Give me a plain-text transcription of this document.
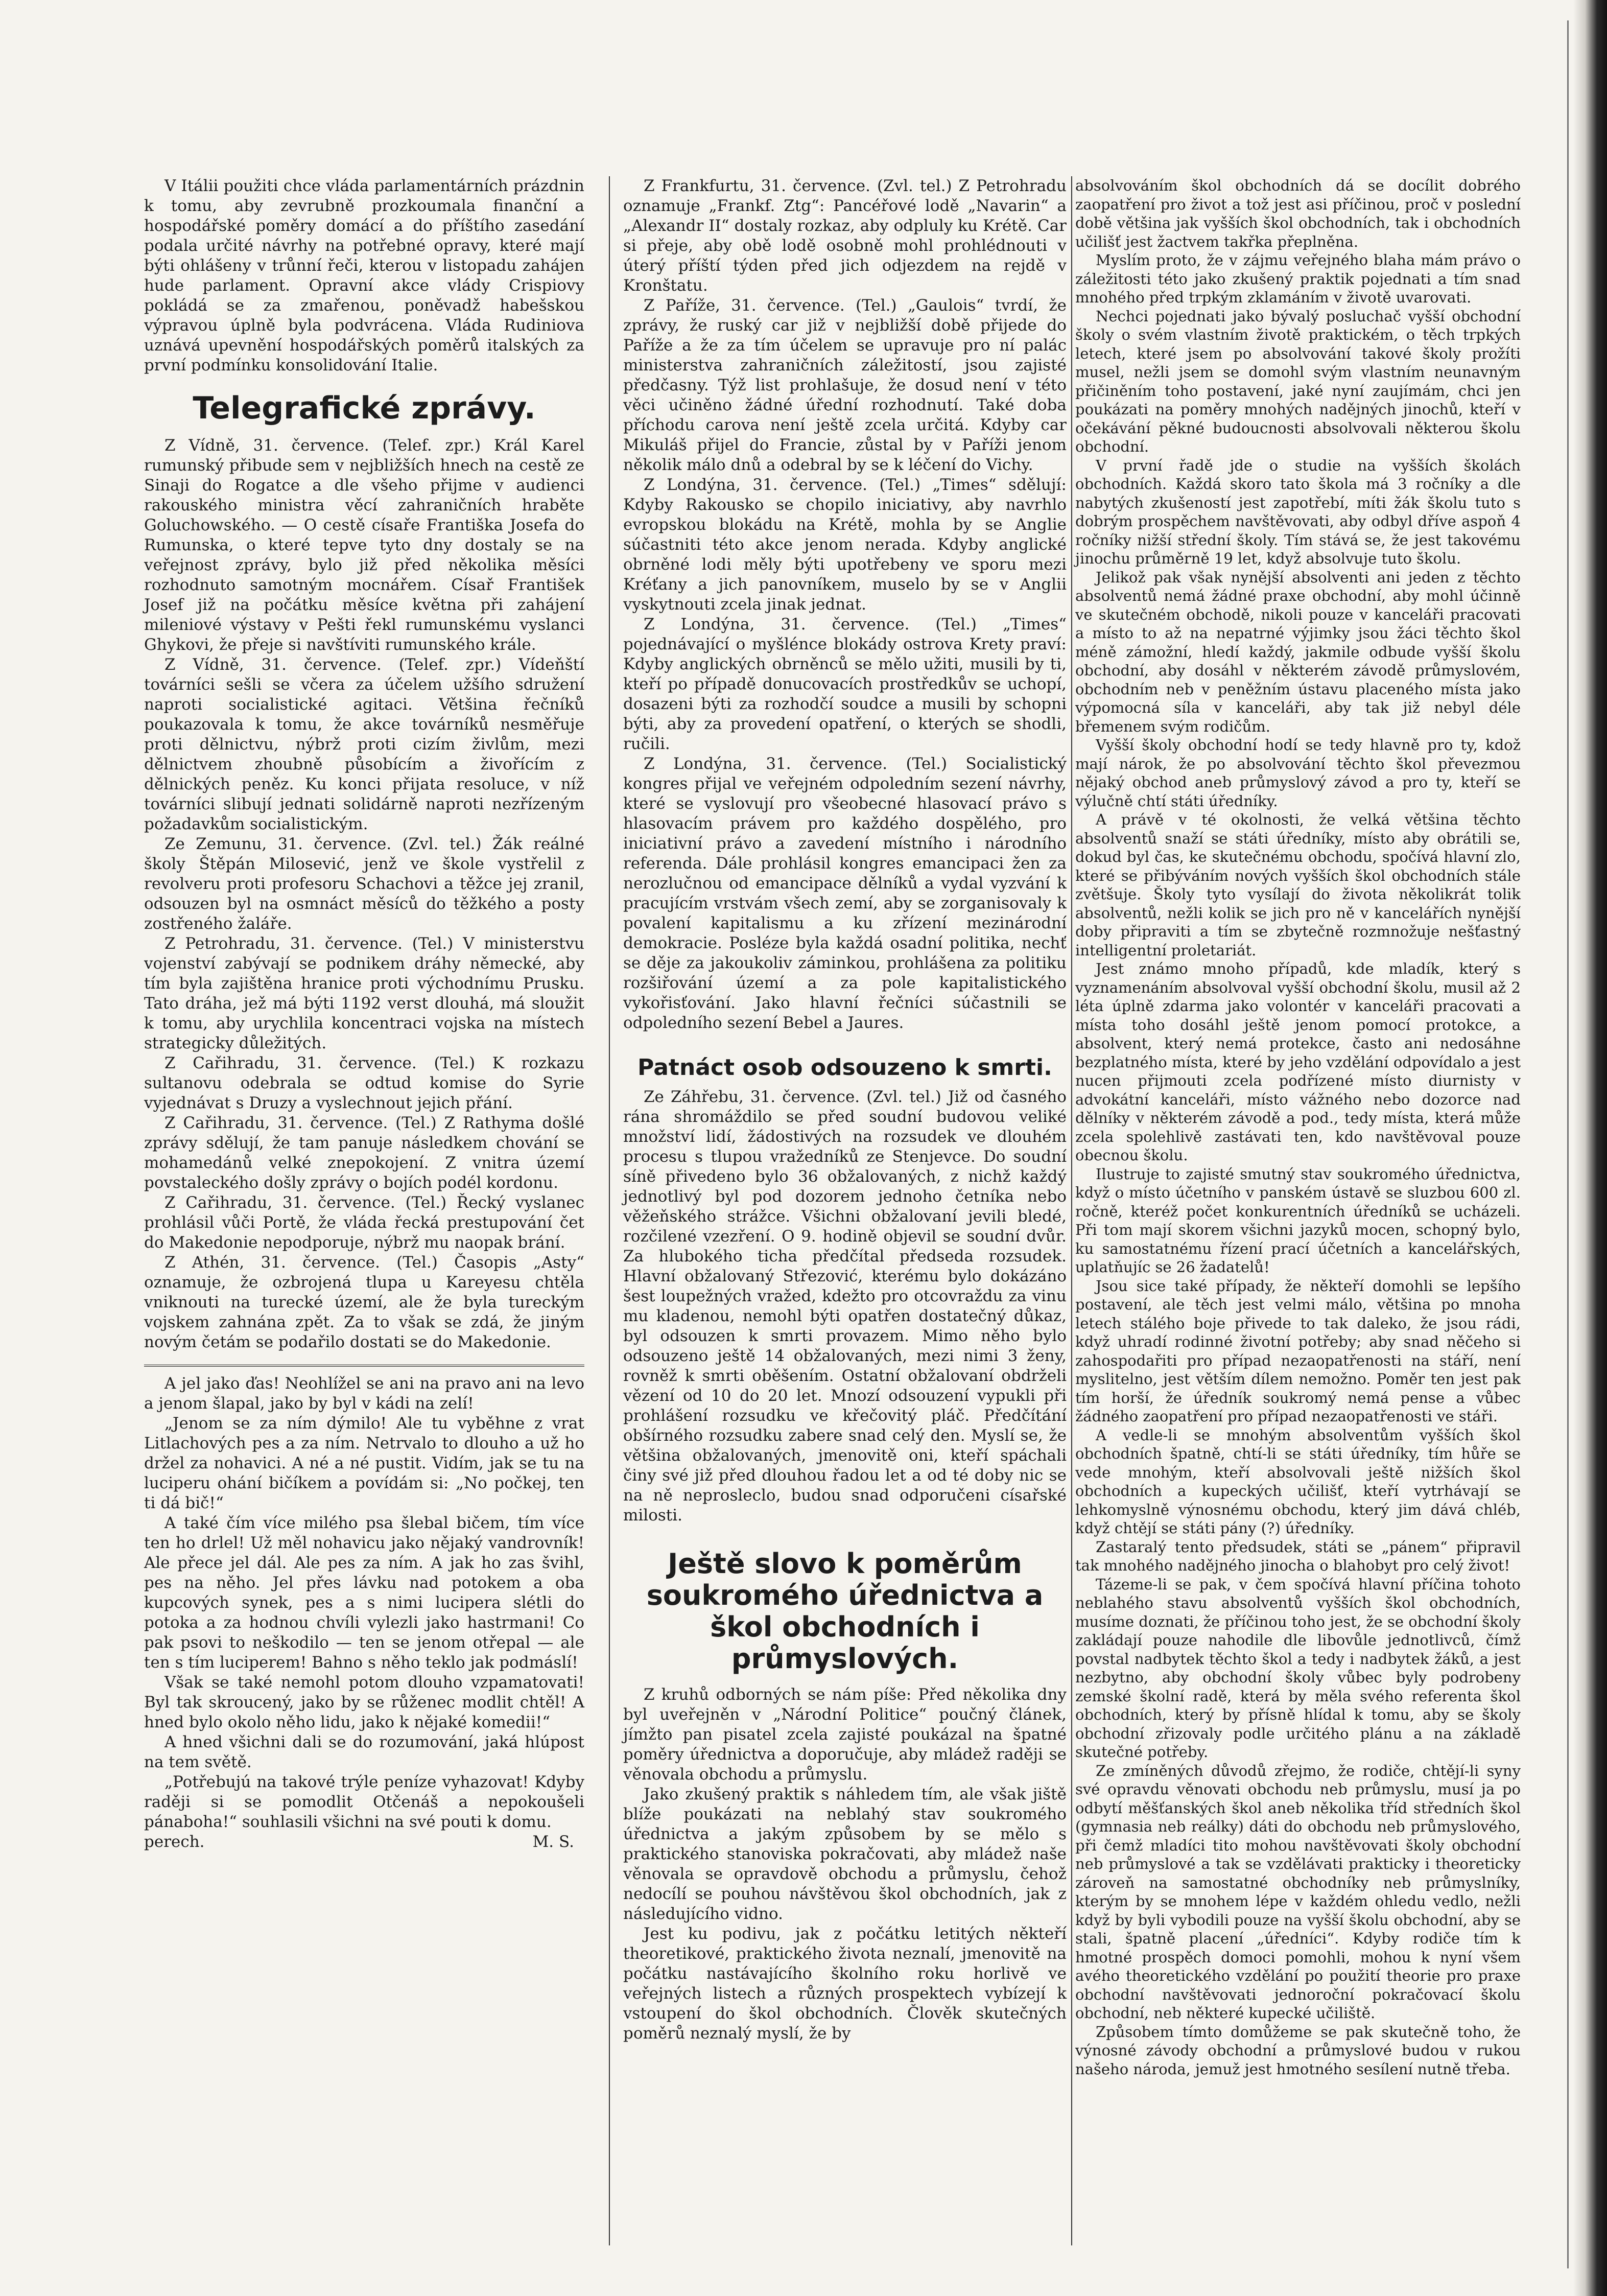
V Itálii použiti chce vláda parlamentárních prázdnin k tomu, aby zevrubně prozkoumala finanční a hospodářské poměry domácí a do příštího zasedání podala určité návrhy na potřebné opravy, které mají býti ohlášeny v trůnní řeči, kterou v listopadu zahájen hude parlament. Opravní akce vlády Crispiovy pokládá se za zmařenou, poněvadž habešskou výpravou úplně byla podvrácena. Vláda Rudiniova uznává upevnění hospodářských poměrů italských za první podmínku konsolidování Italie.

Telegrafické zprávy.

Z Vídně, 31. července. (Telef. zpr.) Král Karel rumunský přibude sem v nejbližších hnech na cestě ze Sinaji do Rogatce a dle všeho přijme v audienci rakouského ministra věcí zahraničních hraběte Goluchowského. — O cestě císaře Františka Josefa do Rumunska, o které tepve tyto dny dostaly se na veřejnost zprávy, bylo již před několika měsíci rozhodnuto samotným mocnářem. Císař František Josef již na počátku měsíce května při zahájení mileniové výstavy v Pešti řekl rumunskému vyslanci Ghykovi, že přeje si navštíviti rumunského krále.

Z Vídně, 31. července. (Telef. zpr.) Vídeňští továrníci sešli se včera za účelem užšího sdružení naproti socialistické agitaci. Většina řečníků poukazovala k tomu, že akce továrníků nesměřuje proti dělnictvu, nýbrž proti cizím živlům, mezi dělnictvem zhoubně působícím a živořícím z dělnických peněz. Ku konci přijata resoluce, v níž továrníci slibují jednati solidárně naproti nezřízeným požadavkům socialistickým.

Ze Zemunu, 31. července. (Zvl. tel.) Žák reálné školy Štěpán Milosević, jenž ve škole vystřelil z revolveru proti profesoru Schachovi a těžce jej zranil, odsouzen byl na osmnáct měsíců do těžkého a posty zostřeného žaláře.

Z Petrohradu, 31. července. (Tel.) V ministerstvu vojenství zabývají se podnikem dráhy německé, aby tím byla zajištěna hranice proti východnímu Prusku. Tato dráha, jež má býti 1192 verst dlouhá, má sloužit k tomu, aby urychlila koncentraci vojska na místech strategicky důležitých.

Z Cařihradu, 31. července. (Tel.) K rozkazu sultanovu odebrala se odtud komise do Syrie vyjednávat s Druzy a vyslechnout jejich přání.

Z Cařihradu, 31. července. (Tel.) Z Rathyma došlé zprávy sdělují, že tam panuje následkem chování se mohamedánů velké znepokojení. Z vnitra území povstaleckého došly zprávy o bojích podél kordonu.

Z Cařihradu, 31. července. (Tel.) Řecký vyslanec prohlásil vůči Portě, že vláda řecká prestupování čet do Makedonie nepodporuje, nýbrž mu naopak brání.

Z Athén, 31. července. (Tel.) Časopis „Asty“ oznamuje, že ozbrojená tlupa u Kareyesu chtěla vniknouti na turecké území, ale že byla tureckým vojskem zahnána zpět. Za to však se zdá, že jiným novým četám se podařilo dostati se do Makedonie.

A jel jako ďas! Neohlížel se ani na pravo ani na levo a jenom šlapal, jako by byl v kádi na zelí!

„Jenom se za ním dýmilo! Ale tu vyběhne z vrat Litlachových pes a za ním. Netrvalo to dlouho a už ho držel za nohavici. A né a né pustit. Vidím, jak se tu na luciperu ohání bičíkem a povídám si: „No počkej, ten ti dá bič!“

A také čím více milého psa šlebal bičem, tím více ten ho drlel! Už měl nohavicu jako nějaký vandrovník! Ale přece jel dál. Ale pes za ním. A jak ho zas švihl, pes na něho. Jel přes lávku nad potokem a oba kupcových synek, pes a s nimi lucipera slétli do potoka a za hodnou chvíli vylezli jako hastrmani! Co pak psovi to neškodilo — ten se jenom otřepal — ale ten s tím luciperem! Bahno s něho teklo jak podmáslí!

Však se také nemohl potom dlouho vzpamatovati! Byl tak skroucený, jako by se růženec modlit chtěl! A hned bylo okolo něho lidu, jako k nějaké komedii!“

A hned všichni dali se do rozumování, jaká hlúpost na tem světě.

„Potřebujú na takové trýle peníze vyhazovat! Kdyby raději si se pomodlit Otčenáš a nepokoušeli pánaboha!“ souhlasili všichni na své pouti k domu.

perech.	M. S.

Z Frankfurtu, 31. července. (Zvl. tel.) Z Petrohradu oznamuje „Frankf. Ztg“: Pancéřové lodě „Navarin“ a „Alexandr II“ dostaly rozkaz, aby odpluly ku Krétě. Car si přeje, aby obě lodě osobně mohl prohlédnouti v úterý příští týden před jich odjezdem na rejdě v Kronštatu.

Z Paříže, 31. července. (Tel.) „Gaulois“ tvrdí, že zprávy, že ruský car již v nejbližší době přijede do Paříže a že za tím účelem se upravuje pro ní palác ministerstva zahraničních záležitostí, jsou zajisté předčasny. Týž list prohlašuje, že dosud není v této věci učiněno žádné úřední rozhodnutí. Také doba příchodu carova není ještě zcela určitá. Kdyby car Mikuláš přijel do Francie, zůstal by v Paříži jenom několik málo dnů a odebral by se k léčení do Vichy.

Z Londýna, 31. července. (Tel.) „Times“ sdělují: Kdyby Rakousko se chopilo iniciativy, aby navrhlo evropskou blokádu na Krétě, mohla by se Anglie súčastniti této akce jenom nerada. Kdyby anglické obrněné lodi měly býti upotřebeny ve sporu mezi Kréťany a jich panovníkem, muselo by se v Anglii vyskytnouti zcela jinak jednat.

Z Londýna, 31. července. (Tel.) „Times“ pojednávající o myšlénce blokády ostrova Krety praví: Kdyby anglických obrněnců se mělo užiti, musili by ti, kteří po případě donucovacích prostředkův se uchopí, dosazeni býti za rozhodčí soudce a musili by schopni býti, aby za provedení opatření, o kterých se shodli, ručili.

Z Londýna, 31. července. (Tel.) Socialistický kongres přijal ve veřejném odpoledním sezení návrhy, které se vyslovují pro všeobecné hlasovací právo s hlasovacím právem pro každého dospělého, pro iniciativní právo a zavedení místního i národního referenda. Dále prohlásil kongres emancipaci žen za nerozlučnou od emancipace dělníků a vydal vyzvání k pracujícím vrstvám všech zemí, aby se zorganisovaly k povalení kapitalismu a ku zřízení mezinárodní demokracie. Posléze byla každá osadní politika, nechť se děje za jakoukoliv záminkou, prohlášena za politiku rozšiřování území a za pole kapitalistického vykořisťování. Jako hlavní řečníci súčastnili se odpoledního sezení Bebel a Jaures.

Patnáct osob odsouzeno k smrti.

Ze Záhřebu, 31. července. (Zvl. tel.) Již od časného rána shromáždilo se před soudní budovou veliké množství lidí, žádostivých na rozsudek ve dlouhém procesu s tlupou vražedníků ze Stenjevce. Do soudní síně přivedeno bylo 36 obžalovaných, z nichž každý jednotlivý byl pod dozorem jednoho četníka nebo věžeňského strážce. Všichni obžalovaní jevili bledé, rozčilené vzezření. O 9. hodině objevil se soudní dvůr. Za hlubokého ticha předčítal předseda rozsudek. Hlavní obžalovaný Střezović, kterému bylo dokázáno šest loupežných vražed, kdežto pro otcovraždu za vinu mu kladenou, nemohl býti opatřen dostatečný důkaz, byl odsouzen k smrti provazem. Mimo něho bylo odsouzeno ještě 14 obžalovaných, mezi nimi 3 ženy, rovněž k smrti oběšením. Ostatní obžalovaní obdrželi vězení od 10 do 20 let. Mnozí odsouzení vypukli při prohlášení rozsudku ve křečovitý pláč. Předčítání obšírného rozsudku zabere snad celý den. Myslí se, že většina obžalovaných, jmenovitě oni, kteří spáchali činy své již před dlouhou řadou let a od té doby nic se na ně neprosleclo, budou snad odporučeni císařské milosti.

Ještě slovo k poměrům soukromého úřednictva a škol obchodních i průmyslových.

Z kruhů odborných se nám píše: Před několika dny byl uveřejněn v „Národní Politice“ poučný článek, jímžto pan pisatel zcela zajisté poukázal na špatné poměry úřednictva a doporučuje, aby mládež raději se věnovala obchodu a průmyslu.

Jako zkušený praktik s náhledem tím, ale však jiště blíže poukázati na neblahý stav soukromého úřednictva a jakým způsobem by se mělo s praktického stanoviska pokračovati, aby mládež naše věnovala se opravdově obchodu a průmyslu, čehož nedocílí se pouhou návštěvou škol obchodních, jak z následujícího vidno.

Jest ku podivu, jak z počátku letitých někteří theoretikové, praktického života neznalí, jmenovitě na počátku nastávajícího školního roku horlivě ve veřejných listech a různých prospektech vybízejí k vstoupení do škol obchodních. Člověk skutečných poměrů neznalý myslí, že by

absolvováním škol obchodních dá se docílit dobrého zaopatření pro život a tož jest asi příčinou, proč v poslední době většina jak vyšších škol obchodních, tak i obchodních učilišť jest žactvem takřka přeplněna.

Myslím proto, že v zájmu veřejného blaha mám právo o záležitosti této jako zkušený praktik pojednati a tím snad mnohého před trpkým zklamáním v životě uvarovati.

Nechci pojednati jako bývalý posluchač vyšší obchodní školy o svém vlastním životě praktickém, o těch trpkých letech, které jsem po absolvování takové školy prožíti musel, nežli jsem se domohl svým vlastním neunavným přičiněním toho postavení, jaké nyní zaujímám, chci jen poukázati na poměry mnohých nadějných jinochů, kteří v očekávání pěkné budoucnosti absolvovali některou školu obchodní.

V první řadě jde o studie na vyšších školách obchodních. Každá skoro tato škola má 3 ročníky a dle nabytých zkušeností jest zapotřebí, míti žák školu tuto s dobrým prospěchem navštěvovati, aby odbyl dříve aspoň 4 ročníky nižší střední školy. Tím stává se, že jest takovému jinochu průměrně 19 let, když absolvuje tuto školu.

Jelikož pak však nynější absolventi ani jeden z těchto absolventů nemá žádné praxe obchodní, aby mohl účinně ve skutečném obchodě, nikoli pouze v kanceláři pracovati a místo to až na nepatrné výjimky jsou žáci těchto škol méně zámožní, hledí každý, jakmile odbude vyšší školu obchodní, aby dosáhl v některém závodě průmyslovém, obchodním neb v peněžním ústavu placeného místa jako výpomocná síla v kanceláři, aby tak již nebyl déle břemenem svým rodičům.

Vyšší školy obchodní hodí se tedy hlavně pro ty, kdož mají nárok, že po absolvování těchto škol převezmou nějaký obchod aneb průmyslový závod a pro ty, kteří se výlučně chtí státi úředníky.

A právě v té okolnosti, že velká většina těchto absolventů snaží se státi úředníky, místo aby obrátili se, dokud byl čas, ke skutečnému obchodu, spočívá hlavní zlo, které se přibýváním nových vyšších škol obchodních stále zvětšuje. Školy tyto vysílají do života několikrát tolik absolventů, nežli kolik se jich pro ně v kancelářích nynější doby připraviti a tím se zbytečně rozmnožuje nešťastný intelligentní proletariát.

Jest známo mnoho případů, kde mladík, který s vyznamenáním absolvoval vyšší obchodní školu, musil až 2 léta úplně zdarma jako volontér v kanceláři pracovati a místa toho dosáhl ještě jenom pomocí protokce, a absolvent, který nemá protekce, často ani nedosáhne bezplatného místa, které by jeho vzdělání odpovídalo a jest nucen přijmouti zcela podřízené místo diurnisty v advokátní kanceláři, místo vážného nebo dozorce nad dělníky v některém závodě a pod., tedy místa, která může zcela spolehlivě zastávati ten, kdo navštěvoval pouze obecnou školu.

Ilustruje to zajisté smutný stav soukromého úřednictva, když o místo účetního v panském ústavě se sluzbou 600 zl. ročně, kteréž počet konkurentních úředníků se ucházeli. Při tom mají skorem všichni jazyků mocen, schopný bylo, ku samostatnému řízení prací účetních a kancelářských, uplatňujíc se 26 žadatelů!

Jsou sice také případy, že někteří domohli se lepšího postavení, ale těch jest velmi málo, většina po mnoha letech stálého boje přivede to tak daleko, že jsou rádi, když uhradí rodinné životní potřeby; aby snad něčeho si zahospodařiti pro případ nezaopatřenosti na stáří, není myslitelno, jest větším dílem nemožno. Poměr ten jest pak tím horší, že úředník soukromý nemá pense a vůbec žádného zaopatření pro případ nezaopatřenosti ve stáři.

A vedle-li se mnohým absolventům vyšších škol obchodních špatně, chtí-li se státi úředníky, tím hůře se vede mnohým, kteří absolvovali ještě nižších škol obchodních a kupeckých učilišť, kteří vytrhávají se lehkomyslně výnosnému obchodu, který jim dává chléb, když chtějí se státi pány (?) úředníky.

Zastaralý tento předsudek, státi se „pánem“ připravil tak mnohého nadějného jinocha o blahobyt pro celý život!

Tázeme-li se pak, v čem spočívá hlavní příčina tohoto neblahého stavu absolventů vyšších škol obchodních, musíme doznati, že příčinou toho jest, že se obchodní školy zakládají pouze nahodile dle libovůle jednotlivců, čímž povstal nadbytek těchto škol a tedy i nadbytek žáků, a jest nezbytno, aby obchodní školy vůbec byly podrobeny zemské školní radě, která by měla svého referenta škol obchodních, který by přísně hlídal k tomu, aby se školy obchodní zřizovaly podle určitého plánu a na základě skutečné potřeby.

Ze zmíněných důvodů zřejmo, že rodiče, chtějí-li syny své opravdu věnovati obchodu neb průmyslu, musí ja po odbytí měšťanských škol aneb několika tříd středních škol (gymnasia neb reálky) dáti do obchodu neb průmyslového, při čemž mladíci tito mohou navštěvovati školy obchodní neb průmyslové a tak se vzdělávati prakticky i theoreticky zároveň na samostatné obchodníky neb průmyslníky, kterým by se mnohem lépe v každém ohledu vedlo, nežli když by byli vybodili pouze na vyšší školu obchodní, aby se stali, špatně placení „úředníci“. Kdyby rodiče tím k hmotné prospěch domoci pomohli, mohou k nyní všem avého theoretického vzdělání po použití theorie pro praxe obchodní navštěvovati jednoroční pokračovací školu obchodní, neb některé kupecké učiliště.

Způsobem tímto domůžeme se pak skutečně toho, že výnosné závody obchodní a průmyslové budou v rukou našeho národa, jemuž jest hmotného sesílení nutně třeba.
